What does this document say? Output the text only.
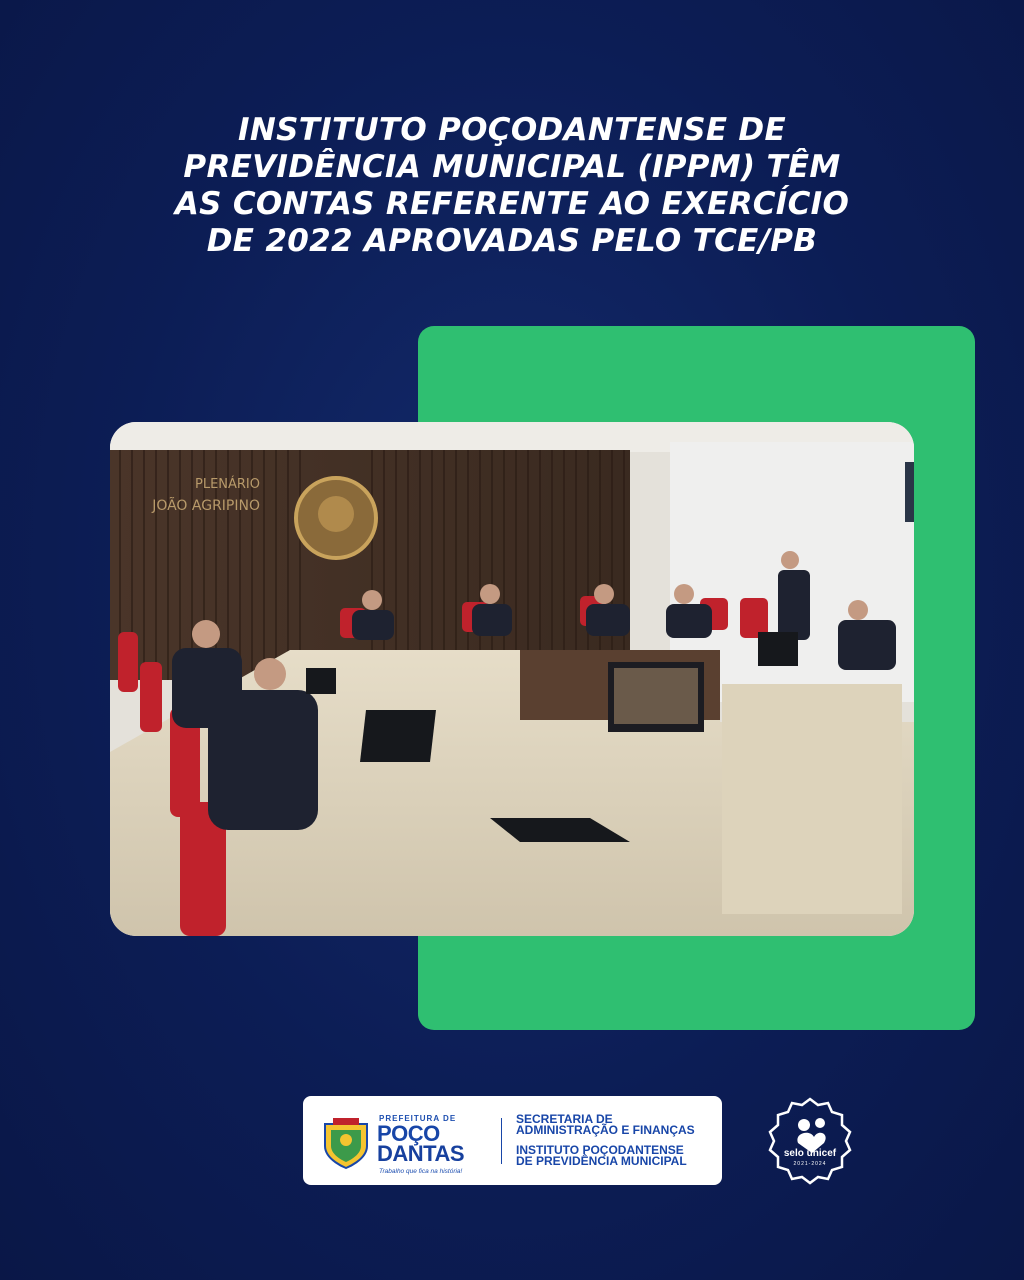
INSTITUTO POÇODANTENSE DE
PREVIDÊNCIA MUNICIPAL (IPPM) TÊM
AS CONTAS REFERENTE AO EXERCÍCIO
DE 2022 APROVADAS PELO TCE/PB
PLENÁRIO
JOÃO AGRIPINO
PREFEITURA DE
POÇO
DANTAS
Trabalho que fica na história!
SECRETARIA DE
ADMINISTRAÇÃO E FINANÇAS
INSTITUTO POÇODANTENSE
DE PREVIDÊNCIA MUNICIPAL
selo unicef
2021-2024
